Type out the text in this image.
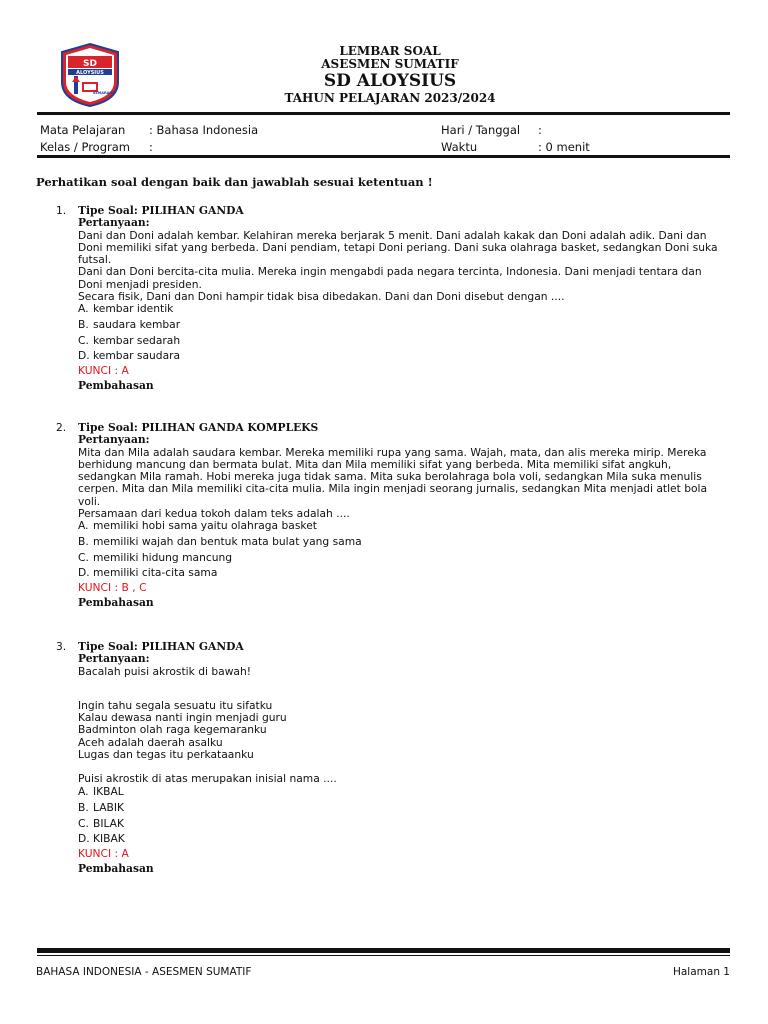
SD
ALOYSIUS
SEMARANG
LEMBAR SOAL
ASESMEN SUMATIF
SD ALOYSIUS
TAHUN PELAJARAN 2023/2024
Mata Pelajaran : Bahasa Indonesia
Kelas / Program :
Hari / Tanggal :
Waktu	: 0 menit
Perhatikan soal dengan baik dan jawablah sesuai ketentuan !
1. Tipe Soal: PILIHAN GANDA
Pertanyaan:

Dani dan Doni adalah kembar. Kelahiran mereka berjarak 5 menit. Dani adalah kakak dan Doni adalah adik. Dani dan Doni memiliki sifat yang berbeda. Dani pendiam, tetapi Doni periang. Dani suka olahraga basket, sedangkan Doni suka futsal.

Dani dan Doni bercita-cita mulia. Mereka ingin mengabdi pada negara tercinta, Indonesia. Dani menjadi tentara dan Doni menjadi presiden.

Secara fisik, Dani dan Doni hampir tidak bisa dibedakan. Dani dan Doni disebut dengan ....

A. kembar identik
B. saudara kembar
C. kembar sedarah
D. kembar saudara
KUNCI : A
Pembahasan
2. Tipe Soal: PILIHAN GANDA KOMPLEKS
Pertanyaan:

Mita dan Mila adalah saudara kembar. Mereka memiliki rupa yang sama. Wajah, mata, dan alis mereka mirip. Mereka berhidung mancung dan bermata bulat. Mita dan Mila memiliki sifat yang berbeda. Mita memiliki sifat angkuh, sedangkan Mila ramah. Hobi mereka juga tidak sama. Mita suka berolahraga bola voli, sedangkan Mila suka menulis cerpen. Mita dan Mila memiliki cita-cita mulia. Mila ingin menjadi seorang jurnalis, sedangkan Mita menjadi atlet bola voli.

Persamaan dari kedua tokoh dalam teks adalah ....

A. memiliki hobi sama yaitu olahraga basket
B. memiliki wajah dan bentuk mata bulat yang sama
C. memiliki hidung mancung
D. memiliki cita-cita sama
KUNCI : B , C
Pembahasan
3. Tipe Soal: PILIHAN GANDA
Pertanyaan:

Bacalah puisi akrostik di bawah!

Ingin tahu segala sesuatu itu sifatku
Kalau dewasa nanti ingin menjadi guru
Badminton olah raga kegemaranku
Aceh adalah daerah asalku
Lugas dan tegas itu perkataanku
Puisi akrostik di atas merupakan inisial nama ....
A. IKBAL
B. LABIK
C. BILAK
D. KIBAK
KUNCI : A
Pembahasan
BAHASA INDONESIA - ASESMEN SUMATIF	Halaman 1
